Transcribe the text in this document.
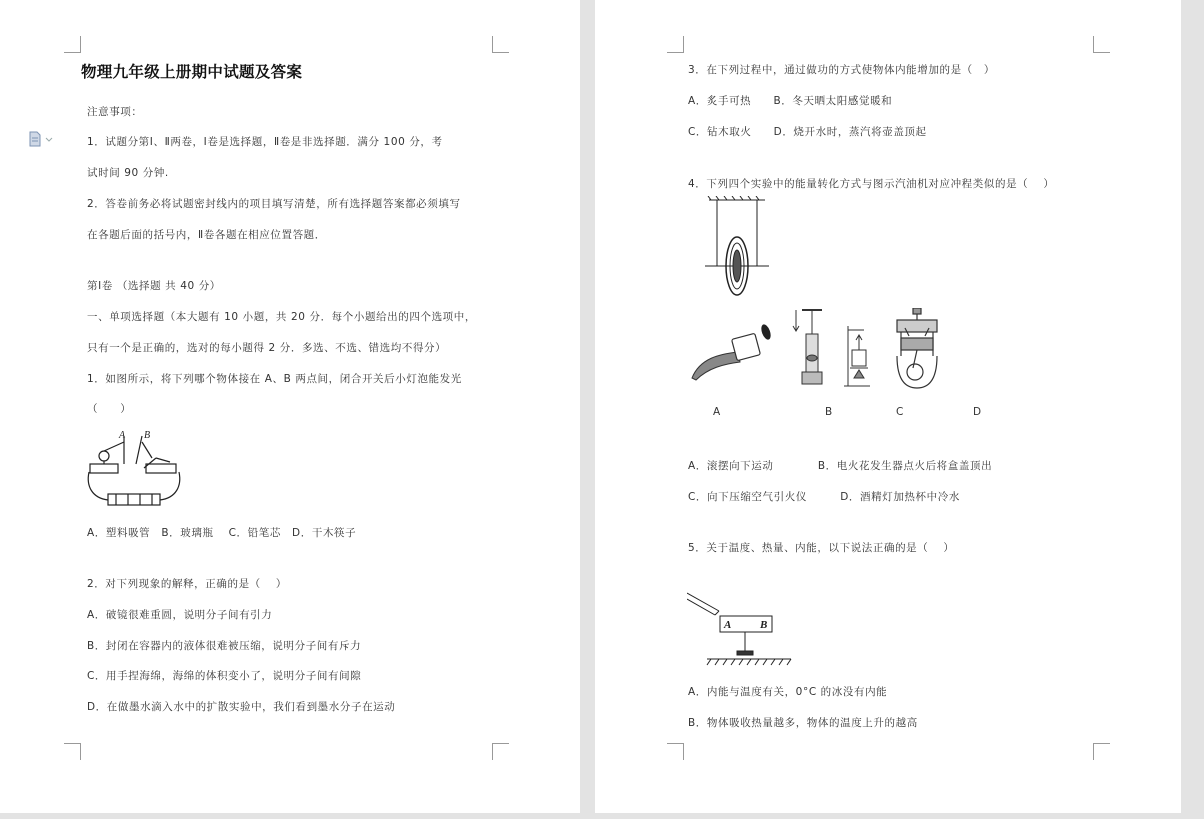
物理九年级上册期中试题及答案
注意事项：
1．试题分第Ⅰ、Ⅱ两卷，Ⅰ卷是选择题，Ⅱ卷是非选择题．满分 100 分，考
试时间 90 分钟.
2．答卷前务必将试题密封线内的项目填写清楚，所有选择题答案都必须填写
在各题后面的括号内，Ⅱ卷各题在相应位置答题．
第Ⅰ卷 （选择题 共 40 分）
一、单项选择题（本大题有 10 小题，共 20 分．每个小题给出的四个选项中，
只有一个是正确的，选对的每小题得 2 分．多选、不选、错选均不得分）
1．如图所示，将下列哪个物体接在 A、B 两点间，闭合开关后小灯泡能发光
（　　）
A B
A．塑料吸管　B．玻璃瓶　 C．铅笔芯　D．干木筷子
2．对下列现象的解释，正确的是（　 ）
A．破镜很难重圆，说明分子间有引力
B．封闭在容器内的液体很难被压缩，说明分子间有斥力
C．用手捏海绵，海绵的体积变小了，说明分子间有间隙
D．在做墨水滴入水中的扩散实验中，我们看到墨水分子在运动
3．在下列过程中，通过做功的方式使物体内能增加的是（　）
A．炙手可热　　B．冬天晒太阳感觉暖和
C．钻木取火　　D．烧开水时，蒸汽将壶盖顶起
4．下列四个实验中的能量转化方式与图示汽油机对应冲程类似的是（　 ）
A	B	C	D
A．滚摆向下运动　　　　B．电火花发生器点火后将盒盖顶出
C．向下压缩空气引火仪　　　D．酒精灯加热杯中冷水
5．关于温度、热量、内能，以下说法正确的是（　 ）
A	B
A．内能与温度有关，0°C 的冰没有内能
B．物体吸收热量越多，物体的温度上升的越高
